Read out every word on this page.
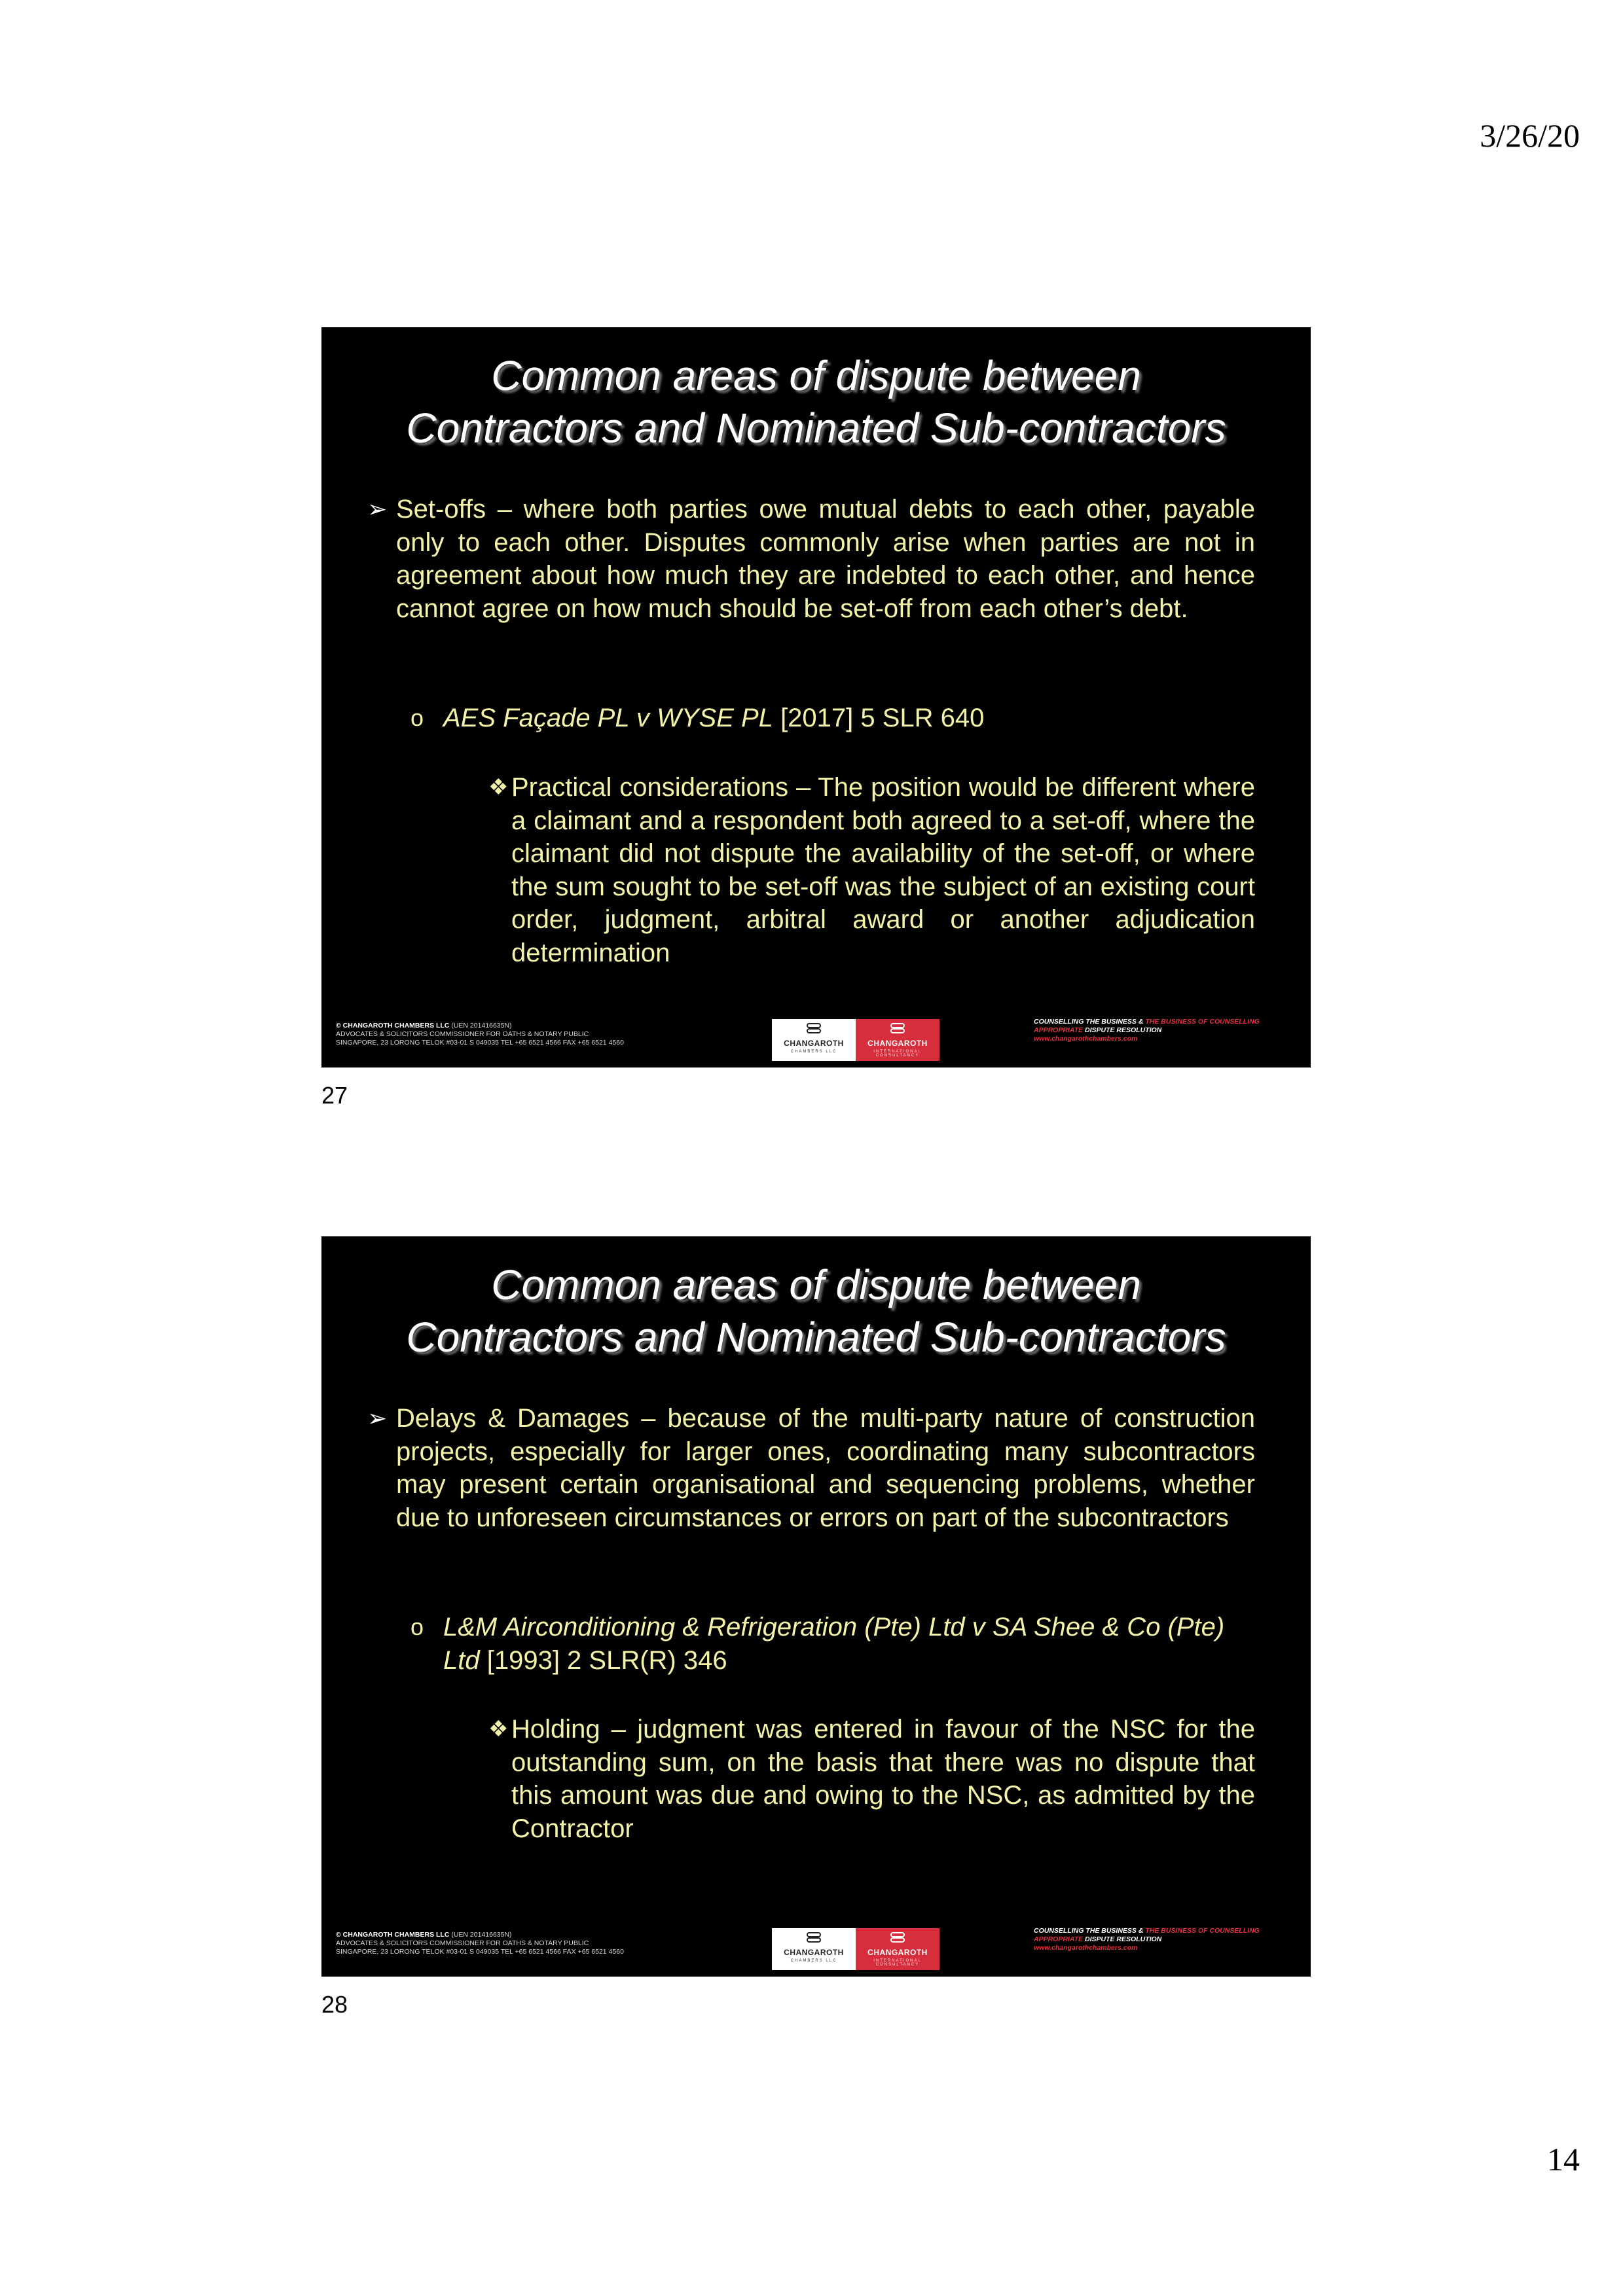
3/26/20
Common areas of dispute between
Contractors and Nominated Sub-contractors
➢ Set-offs – where both parties owe mutual debts to each other, payable only to each other. Disputes commonly arise when parties are not in agreement about how much they are indebted to each other, and hence cannot agree on how much should be set-off from each other’s debt.
o AES Façade PL v WYSE PL [2017] 5 SLR 640
❖ Practical considerations – The position would be different where a claimant and a respondent both agreed to a set-off, where the claimant did not dispute the availability of the set-off, or where the sum sought to be set-off was the subject of an existing court order, judgment, arbitral award or another adjudication determination
© CHANGAROTH CHAMBERS LLC (UEN 201416635N)
ADVOCATES & SOLICITORS COMMISSIONER FOR OATHS & NOTARY PUBLIC
SINGAPORE, 23 LORONG TELOK #03-01 S 049035 TEL +65 6521 4566 FAX +65 6521 4560	CHANGAROTH
CHAMBERS LLC
CHANGAROTH
INTERNATIONAL CONSULTANCY
COUNSELLING THE BUSINESS & THE BUSINESS OF COUNSELLING
APPROPRIATE DISPUTE RESOLUTION
www.changarothchambers.com
27
Common areas of dispute between
Contractors and Nominated Sub-contractors
➢ Delays & Damages – because of the multi-party nature of construction projects, especially for larger ones, coordinating many subcontractors may present certain organisational and sequencing problems, whether due to unforeseen circumstances or errors on part of the subcontractors
o L&M Airconditioning & Refrigeration (Pte) Ltd v SA Shee & Co (Pte) Ltd [1993] 2 SLR(R) 346
❖ Holding – judgment was entered in favour of the NSC for the outstanding sum, on the basis that there was no dispute that this amount was due and owing to the NSC, as admitted by the Contractor
© CHANGAROTH CHAMBERS LLC (UEN 201416635N)
ADVOCATES & SOLICITORS COMMISSIONER FOR OATHS & NOTARY PUBLIC
SINGAPORE, 23 LORONG TELOK #03-01 S 049035 TEL +65 6521 4566 FAX +65 6521 4560	CHANGAROTH
CHAMBERS LLC
CHANGAROTH
INTERNATIONAL CONSULTANCY
COUNSELLING THE BUSINESS & THE BUSINESS OF COUNSELLING
APPROPRIATE DISPUTE RESOLUTION
www.changarothchambers.com
28
14
